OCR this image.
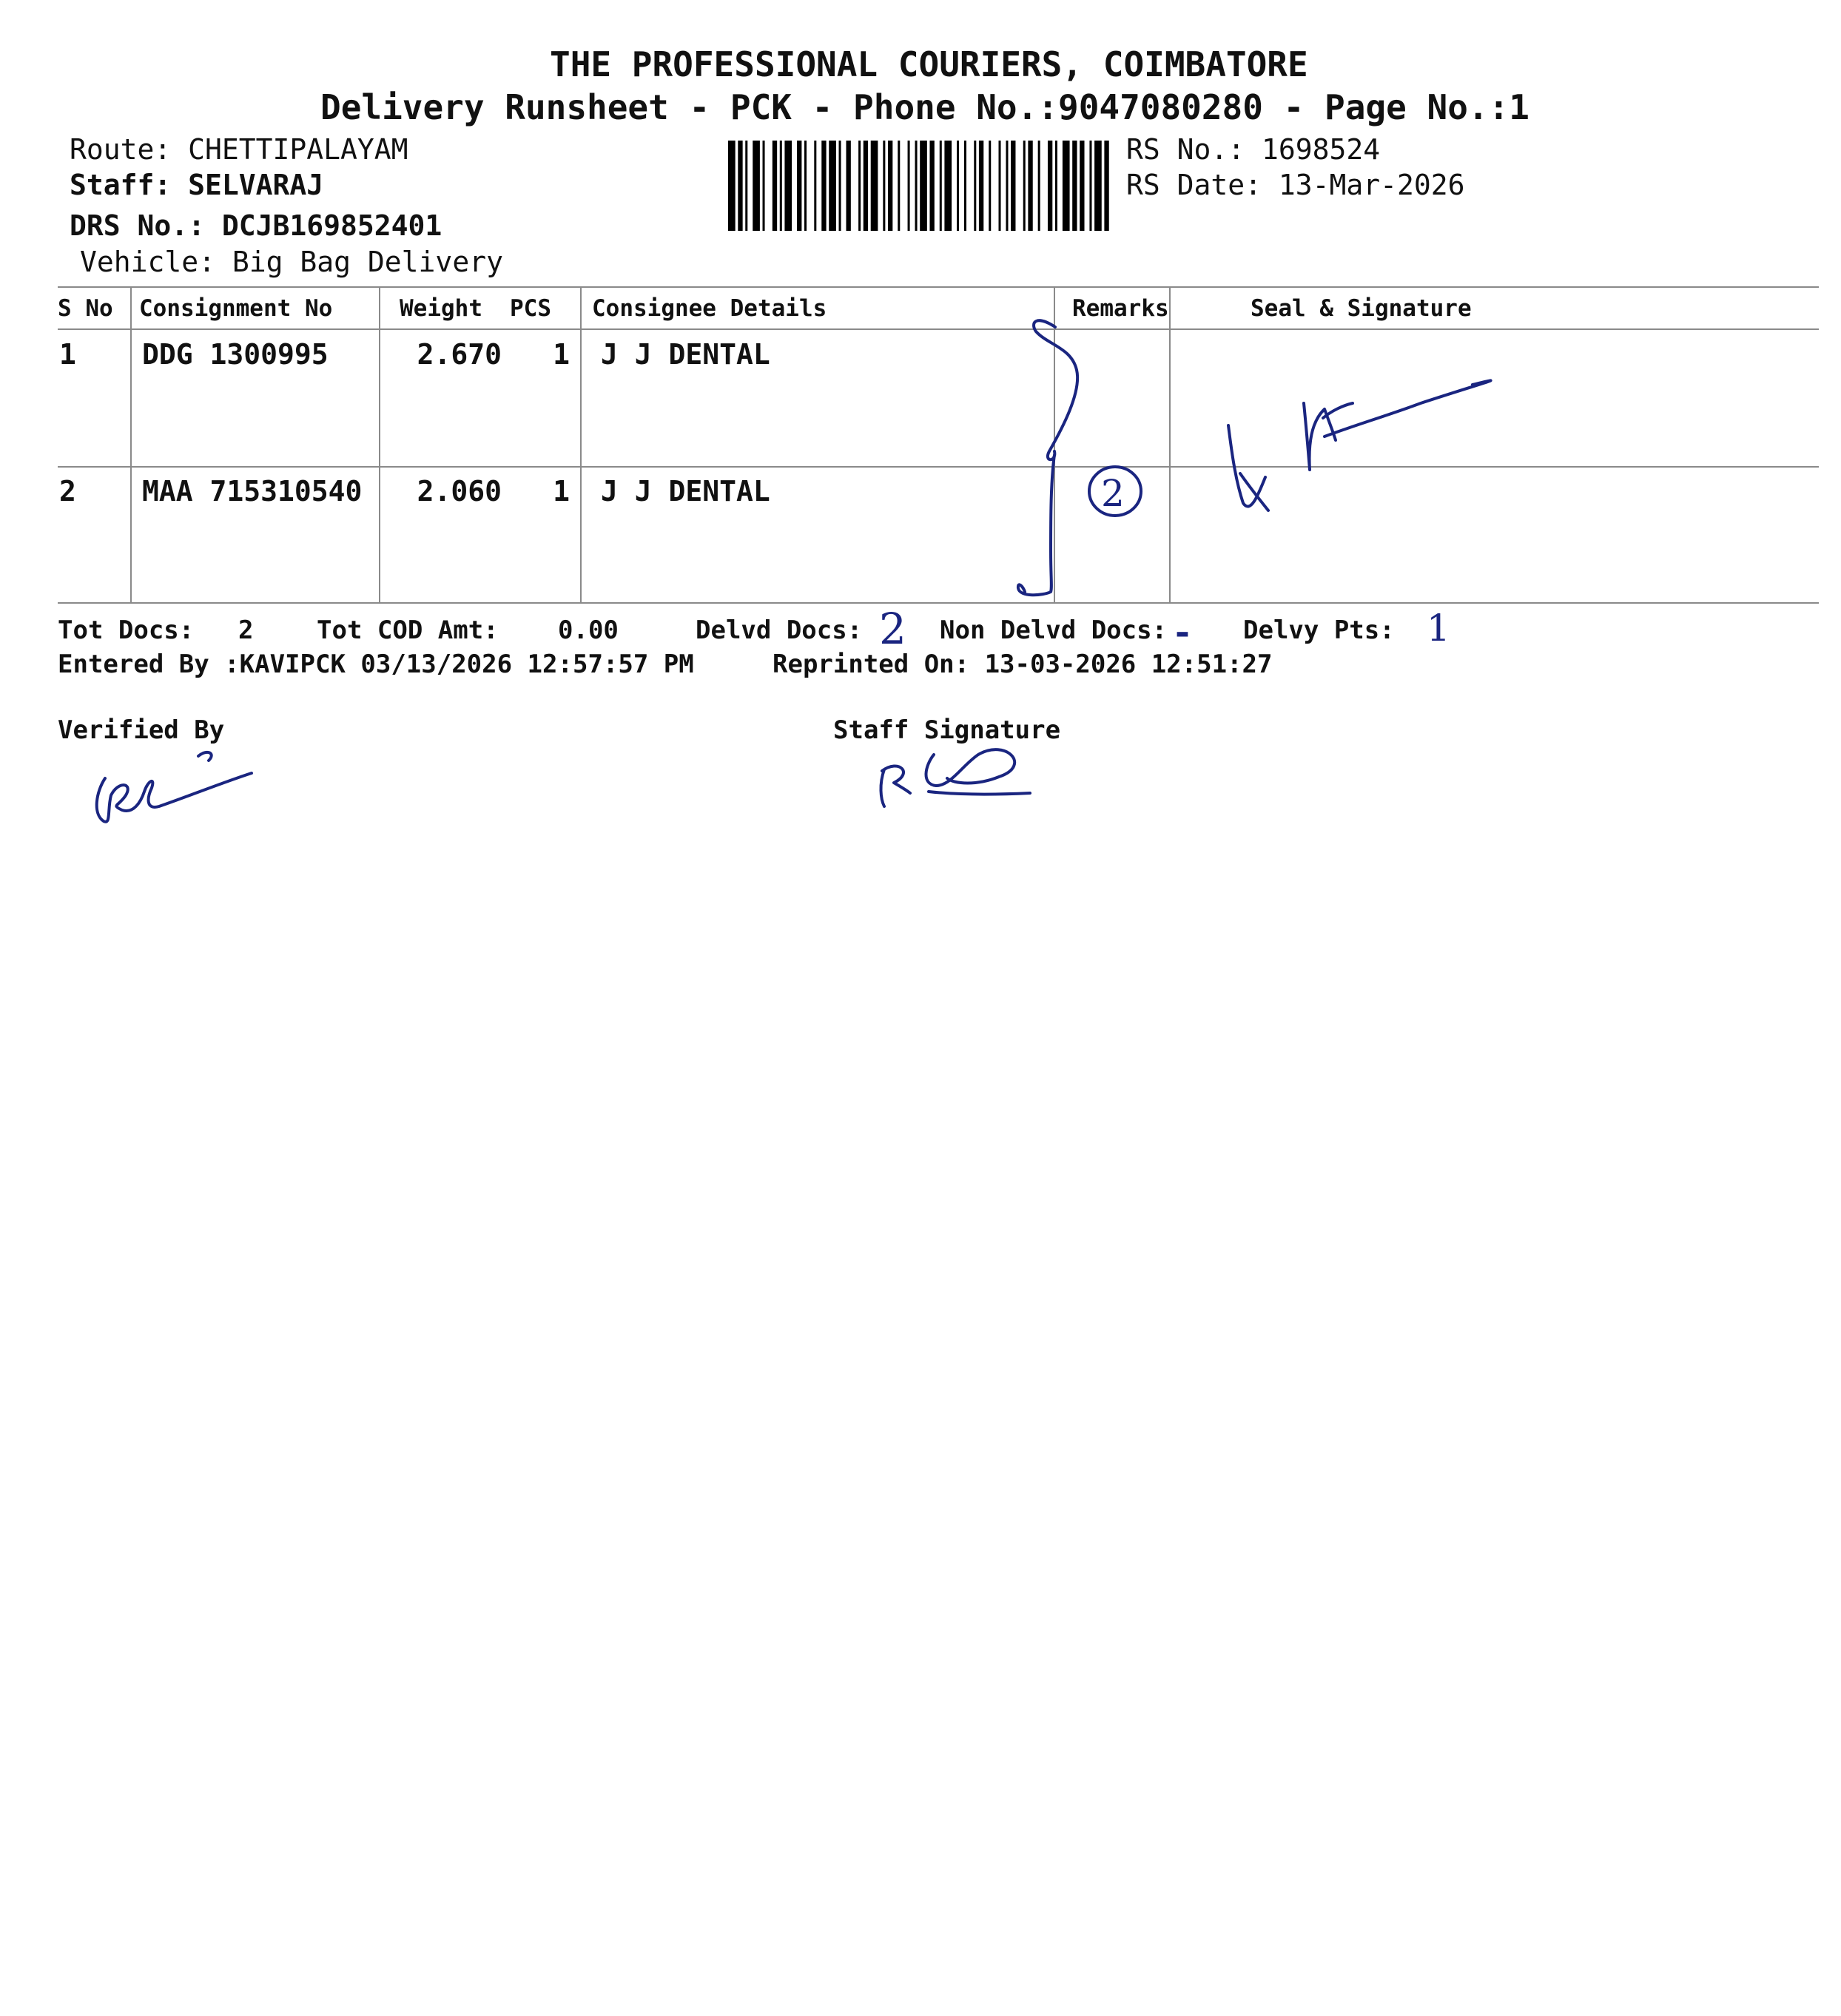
THE PROFESSIONAL COURIERS, COIMBATORE
Delivery Runsheet - PCK - Phone No.:9047080280 - Page No.:1
Route: CHETTIPALAYAM
Staff: SELVARAJ
DRS No.: DCJB169852401
Vehicle: Big Bag Delivery
RS No.: 1698524
RS Date: 13-Mar-2026
S No Consignment No	Weight PCS Consignee Details	Remarks	Seal & Signature
1 DDG 1300995	2.670	1 J J DENTAL
2 MAA 715310540	2.060	1 J J DENTAL	2
Tot Docs: 2	Tot COD Amt: 0.00	Delvd Docs: 2 Non Delvd Docs: - Delvy Pts: 1
Entered By :KAVIPCK 03/13/2026 12:57:57 PM	Reprinted On: 13-03-2026 12:51:27
Verified By	Staff Signature
